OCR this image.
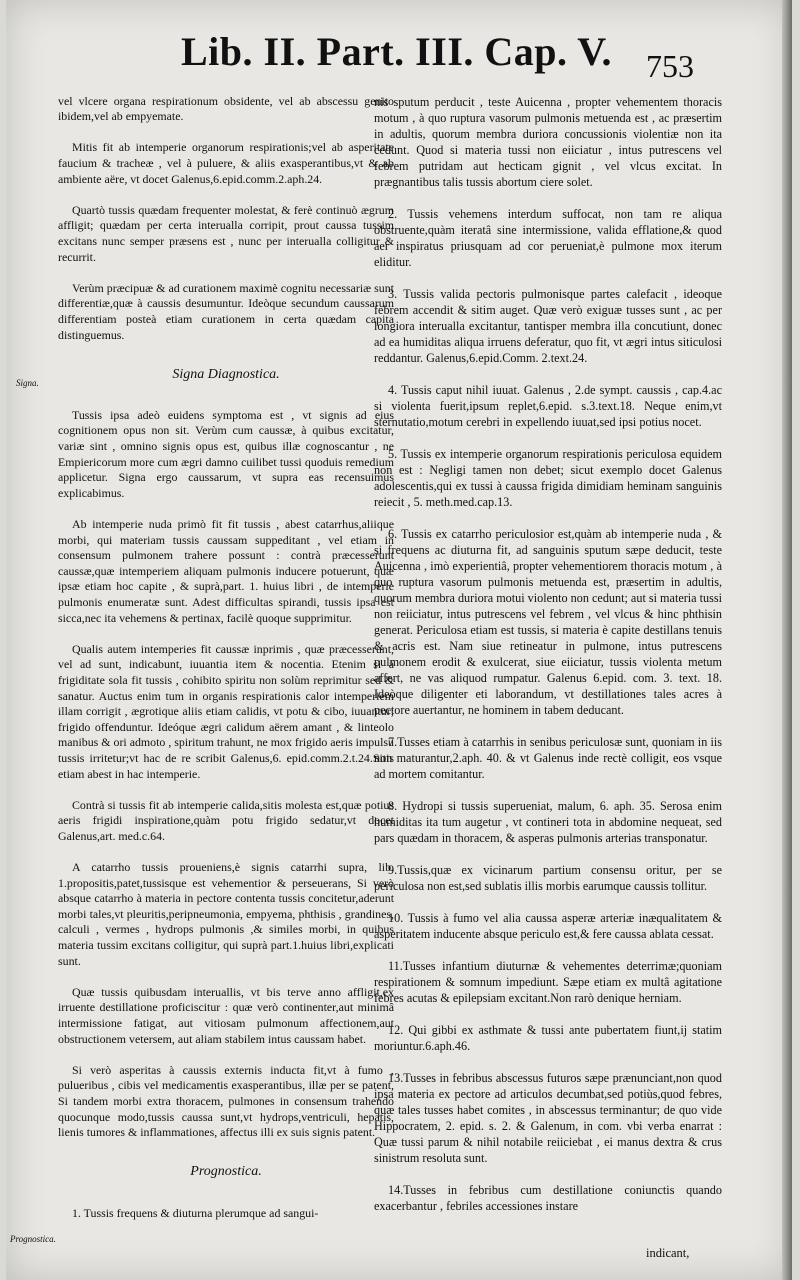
Lib. II. Part. III. Cap. V. 753
Signa.
Prognostica.

vel vlcere organa respirationum obsidente, vel ab abscessu genito ibidem,vel ab empyemate.

Mitis fit ab intemperie organorum respirationis;vel ab asperitate faucium & tracheæ , vel à puluere, & aliis exasperantibus,vt & ab ambiente aëre, vt docet Galenus,6.epid.comm.2.aph.24.

Quartò tussis quædam frequenter molestat, & ferè continuò ægrum affligit; quædam per certa interualla corripit, prout caussa tussim excitans nunc semper præsens est , nunc per interualla colligitur & recurrit.

Verùm præcipuæ & ad curationem maximè cognitu necessariæ sunt differentiæ,quæ à caussis desumuntur. Ideòque secundum caussarum differentiam posteà etiam curationem in certa quædam capita distinguemus.

Signa Diagnostica.

Tussis ipsa adeò euidens symptoma est , vt signis ad eius cognitionem opus non sit. Verùm cum caussæ, à quibus excitatur, variæ sint , omnino signis opus est, quibus illæ cognoscantur , ne Empiericorum more cum ægri damno cuilibet tussi quoduis remedium applicetur. Signa ergo caussarum, vt supra eas recensuimus explicabimus.

Ab intemperie nuda primò fit fit tussis , abest catarrhus,aliique morbi, qui materiam tussis caussam suppeditant , vel etiam in consensum pulmonem trahere possunt : contrà præcesserunt caussæ,quæ intemperiem aliquam pulmonis inducere potuerunt, quæ ipsæ etiam hoc capite , & suprà,part. 1. huius libri , de intemperie pulmonis enumeratæ sunt. Adest difficultas spirandi, tussis ipsa est sicca,nec ita vehemens & pertinax, facilè quoque supprimitur.

Qualis autem intemperies fit caussæ inprimis , quæ præcesserunt, vel ad sunt, indicabunt, iuuantia item & nocentia. Etenim si à frigiditate sola fit tussis , cohibito spiritu non solùm reprimitur sed & sanatur. Auctus enim tum in organis respirationis calor intemperiem illam corrigit , ægrotique aliis etiam calidis, vt potu & cibo, iuuantur; frigido offenduntur. Ideóque ægri calidum aërem amant , & linteolo manibus & ori admoto , spiritum trahunt, ne mox frigido aeris impulsu tussis irritetur;vt hac de re scribit Galenus,6. epid.comm.2.t.24.Sitis etiam abest in hac intemperie.

Contrà si tussis fit ab intemperie calida,sitis molesta est,quæ potius aeris frigidi inspiratione,quàm potu frigido sedatur,vt docet Galenus,art. med.c.64.

A catarrho tussis proueniens,è signis catarrhi supra, lib. 1.propositis,patet,tussisque est vehementior & perseuerans, Si verò absque catarrho à materia in pectore contenta tussis concitetur,aderunt morbi tales,vt pleuritis,peripneumonia, empyema, phthisis , grandines, calculi , vermes , hydrops pulmonis ,& similes morbi, in quibus materia tussim excitans colligitur, qui suprà part.1.huius libri,explicati sunt.

Quæ tussis quibusdam interuallis, vt bis terve anno affligit,ex irruente destillatione proficiscitur : quæ verò continenter,aut minimâ intermissione fatigat, aut vitiosam pulmonum affectionem,aut obstructionem vetersem, aut aliam stabilem intus caussam habet.

Si verò asperitas à caussis externis inducta fit,vt à fumo , pulueribus , cibis vel medicamentis exasperantibus, illæ per se patent, Si tandem morbi extra thoracem, pulmones in consensum trahendo quocunque modo,tussis caussa sunt,vt hydrops,ventriculi, hepatis, lienis tumores & inflammationes, affectus illi ex suis signis patent.

Prognostica.

1. Tussis frequens & diuturna plerumque ad sangui-

nis sputum perducit , teste Auicenna , propter vehementem thoracis motum , à quo ruptura vasorum pulmonis metuenda est , ac præsertim in adultis, quorum membra duriora concussionis violentiæ non ita cedunt. Quod si materia tussi non eiiciatur , intus putrescens vel febrem putridam aut hecticam gignit , vel vlcus excitat. In prægnantibus talis tussis abortum ciere solet.

2. Tussis vehemens interdum suffocat, non tam re aliqua obstruente,quàm iteratâ sine intermissione, valida efflatione,& quod aer inspiratus priusquam ad cor perueniat,è pulmone mox iterum eliditur.

3. Tussis valida pectoris pulmonisque partes calefacit , ideoque febrem accendit & sitim auget. Quæ verò exiguæ tusses sunt , ac per longiora interualla excitantur, tantisper membra illa concutiunt, donec ad ea humiditas aliqua irruens deferatur, quo fit, vt ægri intus siticulosi reddantur. Galenus,6.epid.Comm. 2.text.24.

4. Tussis caput nihil iuuat. Galenus , 2.de sympt. caussis , cap.4.ac si violenta fuerit,ipsum replet,6.epid. s.3.text.18. Neque enim,vt sternutatio,motum cerebri in expellendo iuuat,sed ipsi potius nocet.

5. Tussis ex intemperie organorum respirationis periculosa equidem non est : Negligi tamen non debet; sicut exemplo docet Galenus adolescentis,qui ex tussi à caussa frigida dimidiam heminam sanguinis reiecit , 5. meth.med.cap.13.

6. Tussis ex catarrho periculosior est,quàm ab intemperie nuda , & si frequens ac diuturna fit, ad sanguinis sputum sæpe deducit, teste Auicenna , imò experientiâ, propter vehementiorem thoracis motum , à quo ruptura vasorum pulmonis metuenda est, præsertim in adultis, quorum membra duriora motui violento non cedunt; aut si materia tussi non reiiciatur, intus putrescens vel febrem , vel vlcus & hinc phthisin generat. Periculosa etiam est tussis, si materia è capite destillans tenuis & acris est. Nam siue retineatur in pulmone, intus putrescens pulmonem erodit & exulcerat, siue eiiciatur, tussis violenta metum affert, ne vas aliquod rumpatur. Galenus 6.epid. com. 3. text. 18. Ideòque diligenter eti laborandum, vt destillationes tales acres à pectore auertantur, ne hominem in tabem deducant.

7.Tusses etiam à catarrhis in senibus periculosæ sunt, quoniam in iis non maturantur,2.aph. 40. & vt Galenus inde rectè colligit, eos vsque ad mortem comitantur.

8. Hydropi si tussis superueniat, malum, 6. aph. 35. Serosa enim humiditas ita tum augetur , vt contineri tota in abdomine nequeat, sed pars quædam in thoracem, & asperas pulmonis arterias transponatur.

9.Tussis,quæ ex vicinarum partium consensu oritur, per se periculosa non est,sed sublatis illis morbis earumque caussis tollitur.

10. Tussis à fumo vel alia caussa asperæ arteriæ inæqualitatem & asperitatem inducente absque periculo est,& fere caussa ablata cessat.

11.Tusses infantium diuturnæ & vehementes deterrimæ;quoniam respirationem & somnum impediunt. Sæpe etiam ex multâ agitatione febres acutas & epilepsiam excitant.Non rarò denique herniam.

12. Qui gibbi ex asthmate & tussi ante pubertatem fiunt,ij statim moriuntur.6.aph.46.

13.Tusses in febribus abscessus futuros sæpe prænunciant,non quod ipsa materia ex pectore ad articulos decumbat,sed potiùs,quod febres, quæ tales tusses habet comites , in abscessus terminantur; de quo vide Hippocratem, 2. epid. s. 2. & Galenum, in com. vbi verba enarrat : Quæ tussi parum & nihil notabile reiiciebat , ei manus dextra & crus sinistrum resoluta sunt.

14.Tusses in febribus cum destillatione coniunctis quando exacerbantur , febriles accessiones instare

indicant,
